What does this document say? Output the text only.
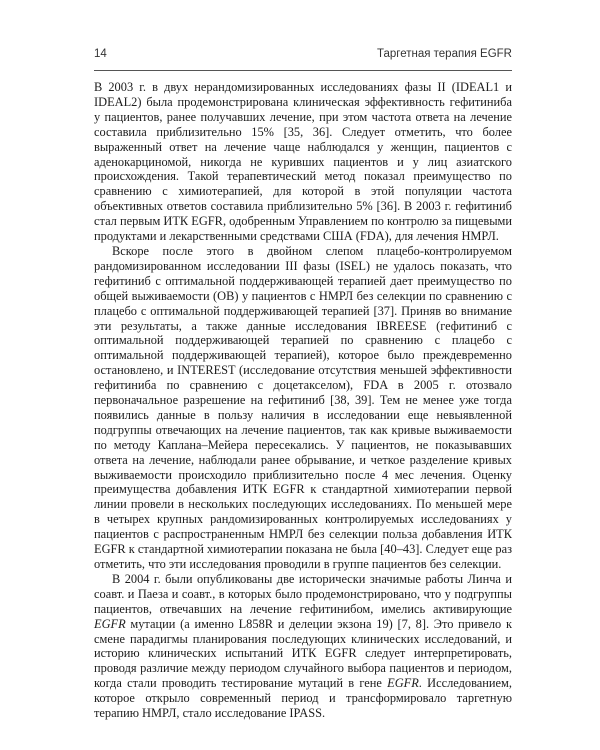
14	Таргетная терапия EGFR

В 2003 г. в двух нерандомизированных исследованиях фазы II (IDEAL1 и IDEAL2) была продемонстрирована клиническая эффективность гефитиниба у пациентов, ранее получавших лечение, при этом частота ответа на лечение составила приблизительно 15% [35, 36]. Следует отметить, что более выраженный ответ на лечение чаще наблюдался у женщин, пациентов с аденокарциномой, никогда не куривших пациентов и у лиц азиатского происхождения. Такой терапевтический метод показал преимущество по сравнению с химиотерапией, для которой в этой популяции частота объективных ответов составила приблизительно 5% [36]. В 2003 г. гефитиниб стал первым ИТК EGFR, одобренным Управлением по контролю за пищевыми продуктами и лекарственными средствами США (FDA), для лечения НМРЛ.

Вскоре после этого в двойном слепом плацебо-контролируемом рандомизированном исследовании III фазы (ISEL) не удалось показать, что гефитиниб с оптимальной поддерживающей терапией дает преимущество по общей выживаемости (ОВ) у пациентов с НМРЛ без селекции по сравнению с плацебо с оптимальной поддерживающей терапией [37]. Приняв во внимание эти результаты, а также данные исследования IBREESE (гефитиниб с оптимальной поддерживающей терапией по сравнению с плацебо с оптимальной поддерживающей терапией), которое было преждевременно остановлено, и INTEREST (исследование отсутствия меньшей эффективности гефитиниба по сравнению с доцетакселом), FDA в 2005 г. отозвало первоначальное разрешение на гефитиниб [38, 39]. Тем не менее уже тогда появились данные в пользу наличия в исследовании еще невыявленной подгруппы отвечающих на лечение пациентов, так как кривые выживаемости по методу Каплана–Мейера пересекались. У пациентов, не показывавших ответа на лечение, наблюдали ранее обрывание, и четкое разделение кривых выживаемости происходило приблизительно после 4 мес лечения. Оценку преимущества добавления ИТК EGFR к стандартной химиотерапии первой линии провели в нескольких последующих исследованиях. По меньшей мере в четырех крупных рандомизированных контролируемых исследованиях у пациентов с распространенным НМРЛ без селекции польза добавления ИТК EGFR к стандартной химиотерапии показана не была [40–43]. Следует еще раз отметить, что эти исследования проводили в группе пациентов без селекции.

В 2004 г. были опубликованы две исторически значимые работы Линча и соавт. и Паеза и соавт., в которых было продемонстрировано, что у подгруппы пациентов, отвечавших на лечение гефитинибом, имелись активирующие EGFR мутации (а именно L858R и делеции экзона 19) [7, 8]. Это привело к смене парадигмы планирования последующих клинических исследований, и историю клинических испытаний ИТК EGFR следует интерпретировать, проводя различие между периодом случайного выбора пациентов и периодом, когда стали проводить тестирование мутаций в гене EGFR. Исследованием, которое открыло современный период и трансформировало таргетную терапию НМРЛ, стало исследование IPASS.
